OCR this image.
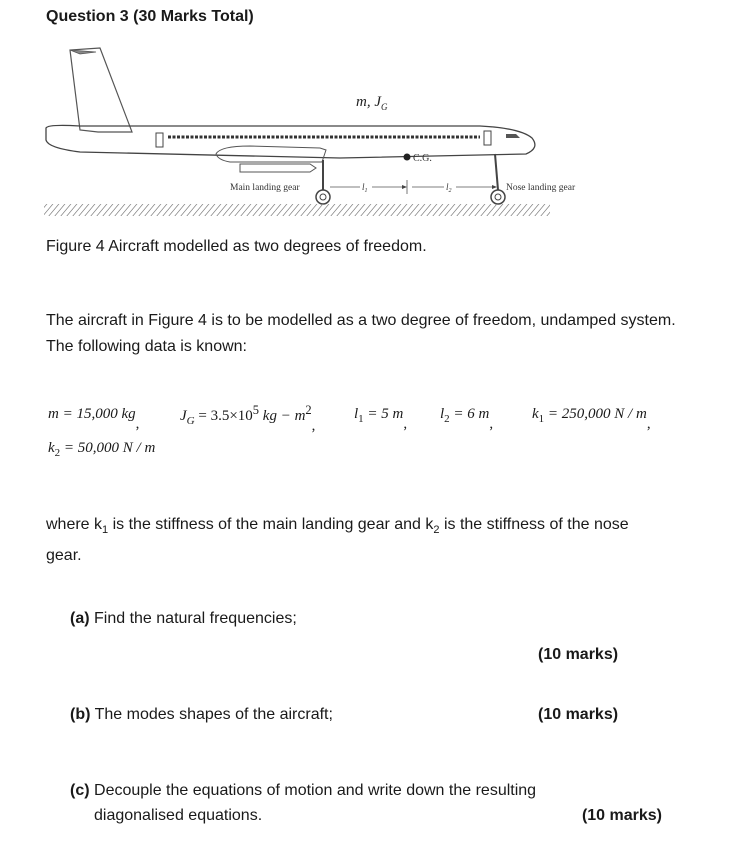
Question 3 (30 Marks Total)
C.G.
m, $J_G$
Main landing gear	Nose landing gear
$l_1$	$l_2$
Figure 4 Aircraft modelled as two degrees of freedom.
The aircraft in Figure 4 is to be modelled as a two degree of freedom, undamped system. The following data is known:
m = 15,000 kg,	$J_G = 3.5\times 10^5$ kg − $m^2$,
$l_1 = 5$ m,
$l_2 = 6$ m,
$k_1 = 250,000$ N / m,
$k_2 = 50,000$ N / m
where $k_1$ is the stiffness of the main landing gear and $k_2$ is the stiffness of the nose gear.
(a) Find the natural frequencies;
(10 marks)
(b) The modes shapes of the aircraft;	(10 marks)
(c) Decouple the equations of motion and write down the resulting
diagonalised equations.	(10 marks)
